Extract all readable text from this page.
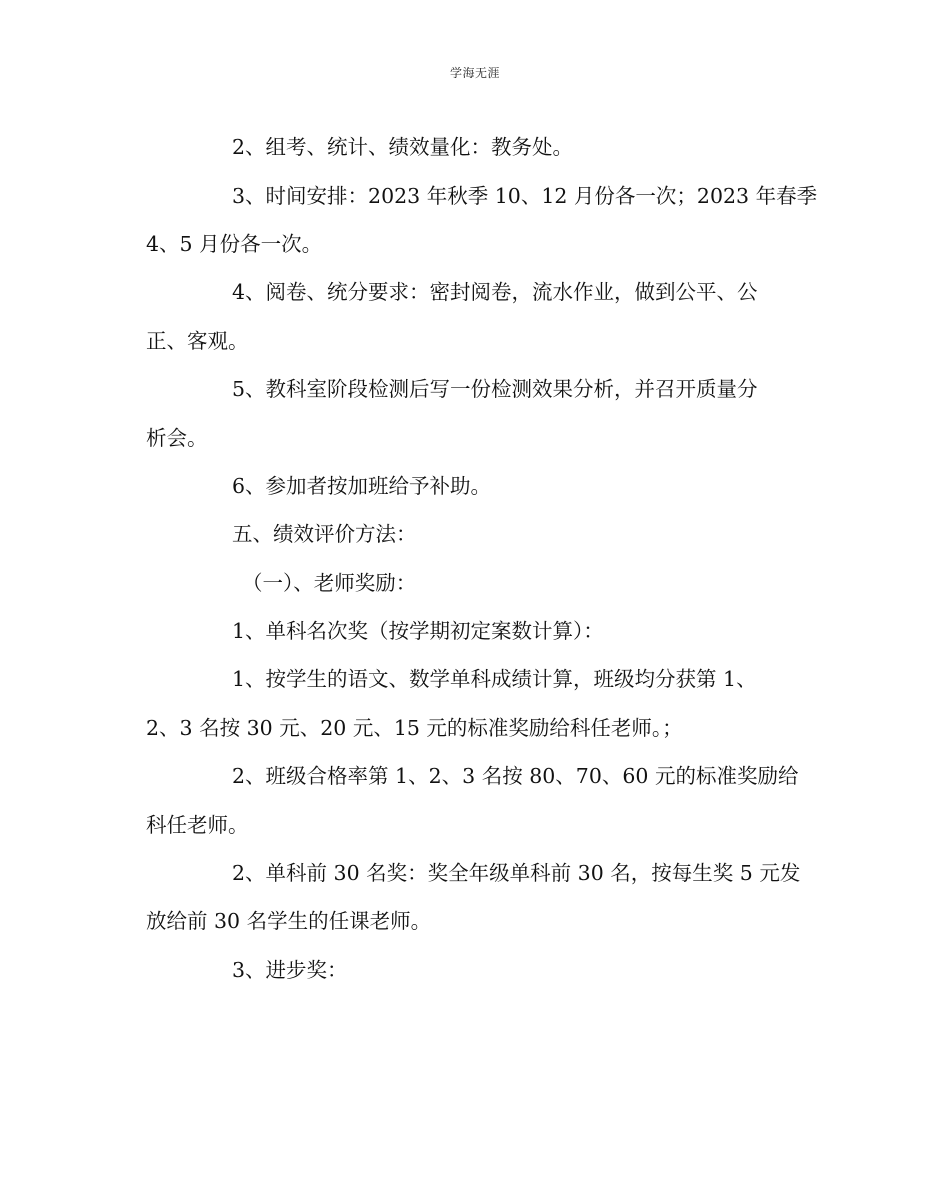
学海无涯
2、组考、统计、绩效量化：教务处。
3、时间安排：2023 年秋季 10、12 月份各一次；2023 年春季
4、5 月份各一次。
4、阅卷、统分要求：密封阅卷，流水作业，做到公平、公
正、客观。
5、教科室阶段检测后写一份检测效果分析，并召开质量分
析会。
6、参加者按加班给予补助。
五、绩效评价方法：
（一）、老师奖励：
1、单科名次奖（按学期初定案数计算）：
1、按学生的语文、数学单科成绩计算，班级均分获第 1、
2、3 名按 30 元、20 元、15 元的标准奖励给科任老师。；
2、班级合格率第 1、2、3 名按 80、70、60 元的标准奖励给
科任老师。
2、单科前 30 名奖：奖全年级单科前 30 名，按每生奖 5 元发
放给前 30 名学生的任课老师。
3、进步奖：
